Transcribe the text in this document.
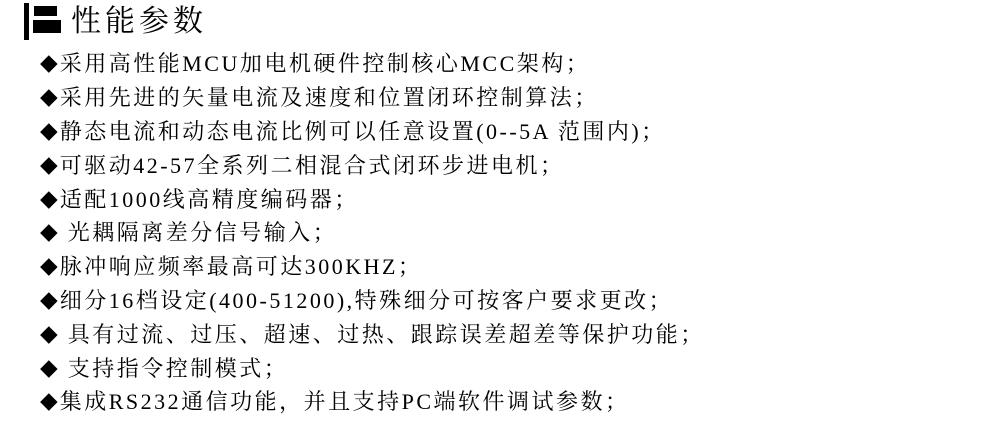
性能参数
◆ 采用高性能MCU加电机硬件控制核心MCC架构；
◆ 采用先进的矢量电流及速度和位置闭环控制算法；
◆ 静态电流和动态电流比例可以任意设置(0--5A 范围内)；
◆ 可驱动42-57全系列二相混合式闭环步进电机；
◆ 适配1000线高精度编码器；
◆ 光耦隔离差分信号输入；
◆ 脉冲响应频率最高可达300KHZ；
◆ 细分16档设定(400-51200),特殊细分可按客户要求更改；
◆ 具有过流、过压、超速、过热、跟踪误差超差等保护功能；
◆ 支持指令控制模式；
◆ 集成RS232通信功能，并且支持PC端软件调试参数；
